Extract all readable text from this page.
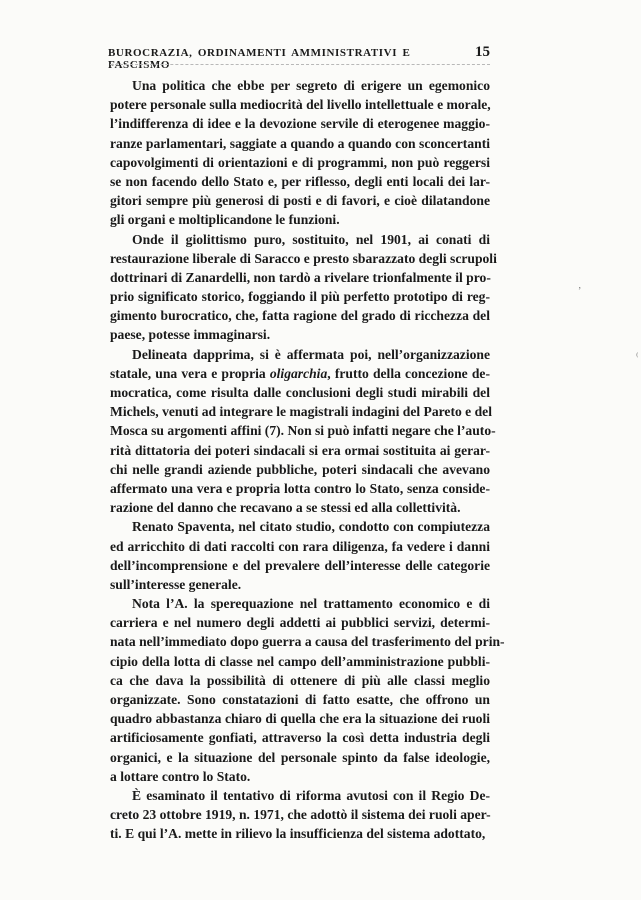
BUROCRAZIA, ORDINAMENTI AMMINISTRATIVI E FASCISMO
15
Una politica che ebbe per segreto di erigere un egemonico
potere personale sulla mediocrità del livello intellettuale e morale,
l’indifferenza di idee e la devozione servile di eterogenee maggio-
ranze parlamentari, saggiate a quando a quando con sconcertanti
capovolgimenti di orientazioni e di programmi, non può reggersi
se non facendo dello Stato e, per riflesso, degli enti locali dei lar-
gitori sempre più generosi di posti e di favori, e cioè dilatandone
gli organi e moltiplicandone le funzioni.
Onde il giolittismo puro, sostituito, nel 1901, ai conati di
restaurazione liberale di Saracco e presto sbarazzato degli scrupoli
dottrinari di Zanardelli, non tardò a rivelare trionfalmente il pro-
prio significato storico, foggiando il più perfetto prototipo di reg-
gimento burocratico, che, fatta ragione del grado di ricchezza del
paese, potesse immaginarsi.
Delineata dapprima, si è affermata poi, nell’organizzazione
statale, una vera e propria oligarchia, frutto della concezione de-
mocratica, come risulta dalle conclusioni degli studi mirabili del
Michels, venuti ad integrare le magistrali indagini del Pareto e del
Mosca su argomenti affini (7). Non si può infatti negare che l’auto-
rità dittatoria dei poteri sindacali si era ormai sostituita ai gerar-
chi nelle grandi aziende pubbliche, poteri sindacali che avevano
affermato una vera e propria lotta contro lo Stato, senza conside-
razione del danno che recavano a se stessi ed alla collettività.
Renato Spaventa, nel citato studio, condotto con compiutezza
ed arricchito di dati raccolti con rara diligenza, fa vedere i danni
dell’incomprensione e del prevalere dell’interesse delle categorie
sull’interesse generale.
Nota l’A. la sperequazione nel trattamento economico e di
carriera e nel numero degli addetti ai pubblici servizi, determi-
nata nell’immediato dopo guerra a causa del trasferimento del prin-
cipio della lotta di classe nel campo dell’amministrazione pubbli-
ca che dava la possibilità di ottenere di più alle classi meglio
organizzate. Sono constatazioni di fatto esatte, che offrono un
quadro abbastanza chiaro di quella che era la situazione dei ruoli
artificiosamente gonfiati, attraverso la così detta industria degli
organici, e la situazione del personale spinto da false ideologie,
a lottare contro lo Stato.
È esaminato il tentativo di riforma avutosi con il Regio De-
creto 23 ottobre 1919, n. 1971, che adottò il sistema dei ruoli aper-
ti. E qui l’A. mette in rilievo la insufficienza del sistema adottato,
ʼ
⁽
